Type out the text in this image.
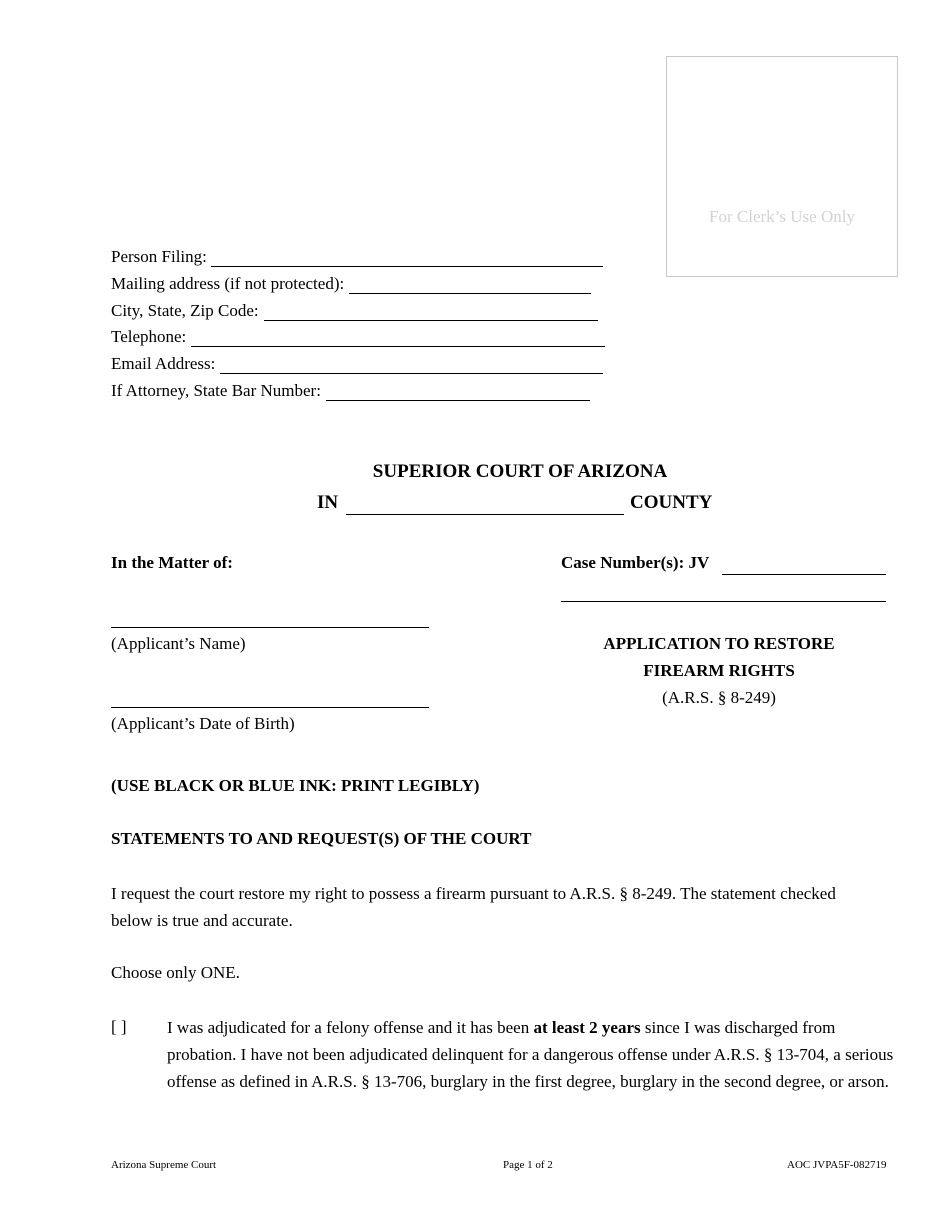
For Clerk’s Use Only
Person Filing:
Mailing address (if not protected):
City, State, Zip Code:
Telephone:
Email Address:
If Attorney, State Bar Number:
SUPERIOR COURT OF ARIZONA
IN	COUNTY
In the Matter of:	Case Number(s): JV
(Applicant’s Name)
(Applicant’s Date of Birth)
APPLICATION TO RESTORE
FIREARM RIGHTS
(A.R.S. § 8-249)
(USE BLACK OR BLUE INK: PRINT LEGIBLY)
STATEMENTS TO AND REQUEST(S) OF THE COURT
I request the court restore my right to possess a firearm pursuant to A.R.S. § 8-249. The statement checked below is true and accurate.
Choose only ONE.
[ ] I was adjudicated for a felony offense and it has been at least 2 years since I was discharged from probation. I have not been adjudicated delinquent for a dangerous offense under A.R.S. § 13-704, a serious offense as defined in A.R.S. § 13-706, burglary in the first degree, burglary in the second degree, or arson.
Arizona Supreme Court	Page 1 of 2	AOC JVPA5F-082719
